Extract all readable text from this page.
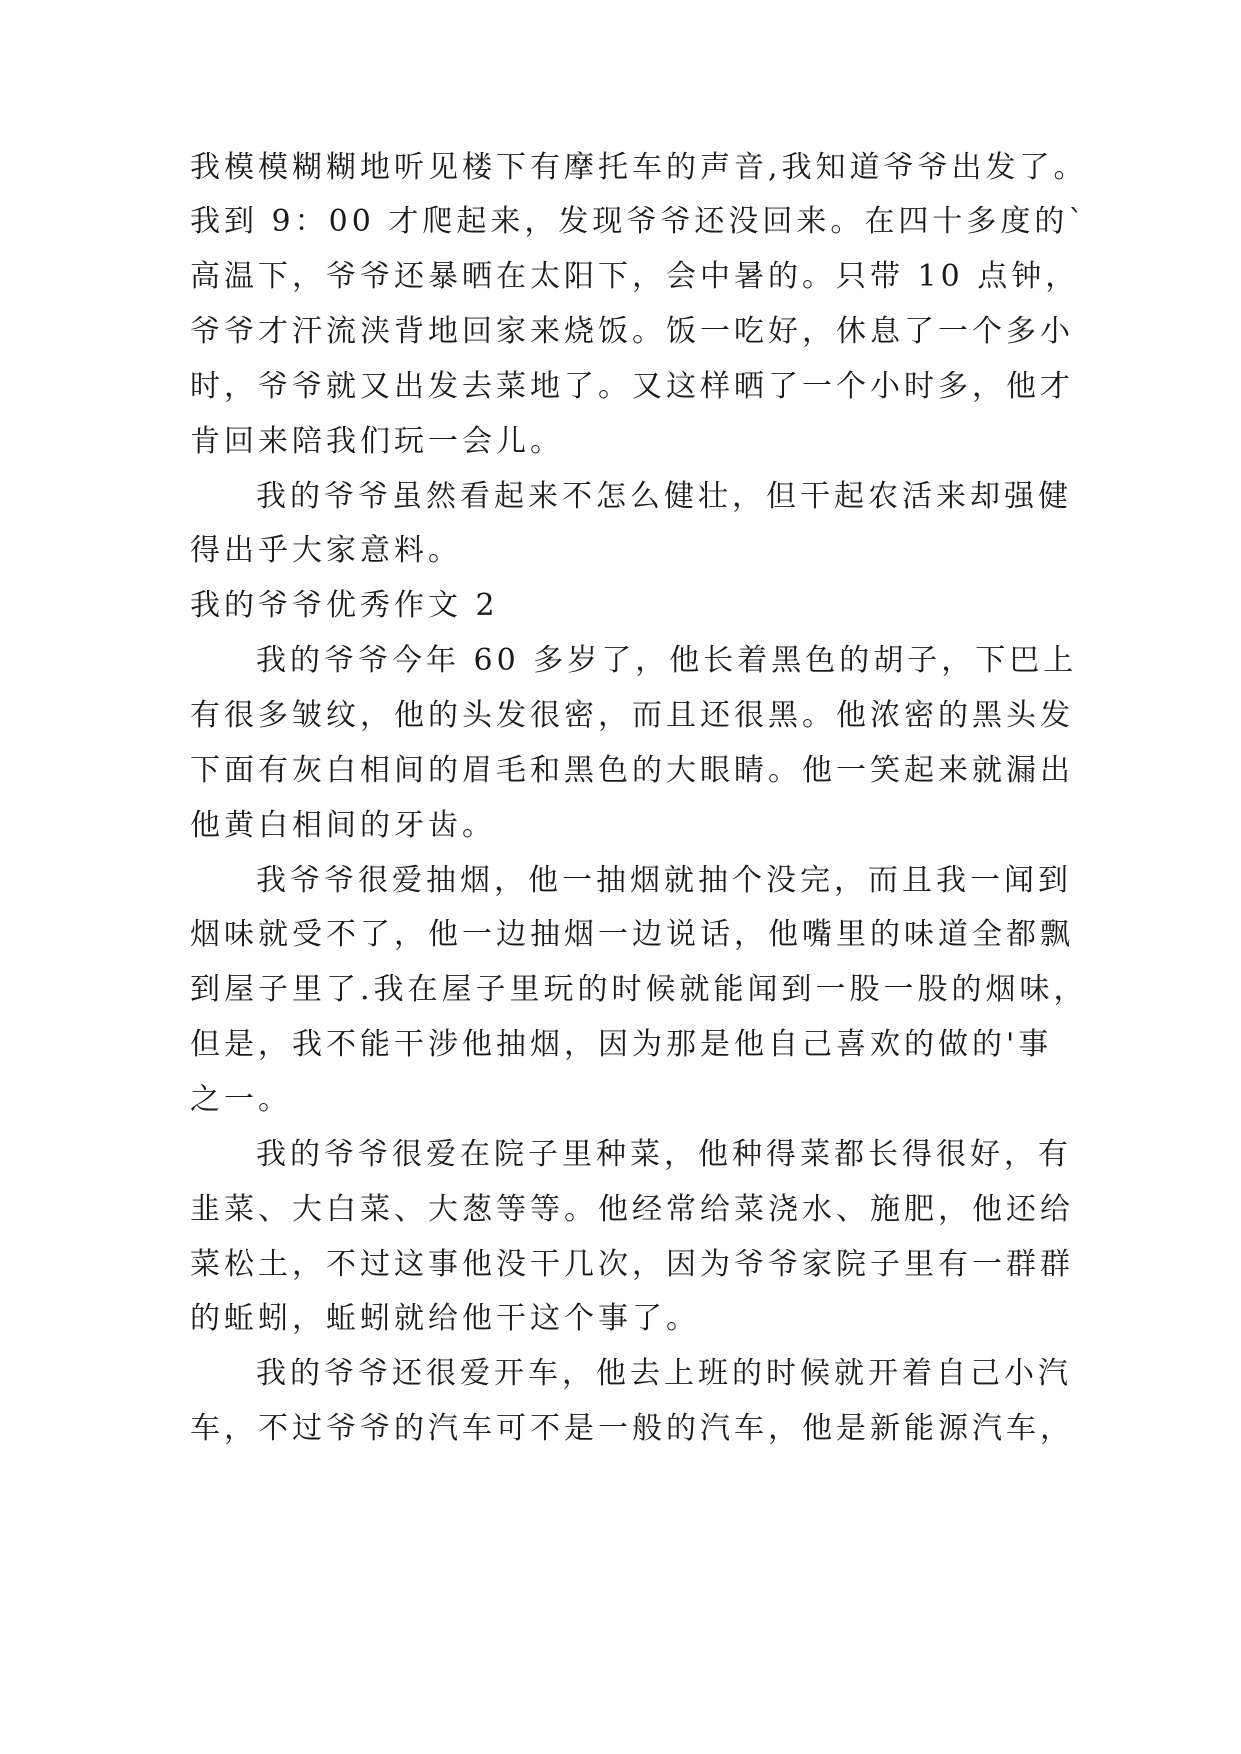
我模模糊糊地听见楼下有摩托车的声音,我知道爷爷出发了。
我到 9：00 才爬起来，发现爷爷还没回来。在四十多度的`
高温下，爷爷还暴晒在太阳下，会中暑的。只带 10 点钟，
爷爷才汗流浃背地回家来烧饭。饭一吃好，休息了一个多小
时，爷爷就又出发去菜地了。又这样晒了一个小时多，他才
肯回来陪我们玩一会儿。
我的爷爷虽然看起来不怎么健壮，但干起农活来却强健
得出乎大家意料。
我的爷爷优秀作文 2
我的爷爷今年 60 多岁了，他长着黑色的胡子，下巴上
有很多皱纹，他的头发很密，而且还很黑。他浓密的黑头发
下面有灰白相间的眉毛和黑色的大眼睛。他一笑起来就漏出
他黄白相间的牙齿。
我爷爷很爱抽烟，他一抽烟就抽个没完，而且我一闻到
烟味就受不了，他一边抽烟一边说话，他嘴里的味道全都飘
到屋子里了.我在屋子里玩的时候就能闻到一股一股的烟味，
但是，我不能干涉他抽烟，因为那是他自己喜欢的做的'事
之一。
我的爷爷很爱在院子里种菜，他种得菜都长得很好，有
韭菜、大白菜、大葱等等。他经常给菜浇水、施肥，他还给
菜松土，不过这事他没干几次，因为爷爷家院子里有一群群
的蚯蚓，蚯蚓就给他干这个事了。
我的爷爷还很爱开车，他去上班的时候就开着自己小汽
车，不过爷爷的汽车可不是一般的汽车，他是新能源汽车，
